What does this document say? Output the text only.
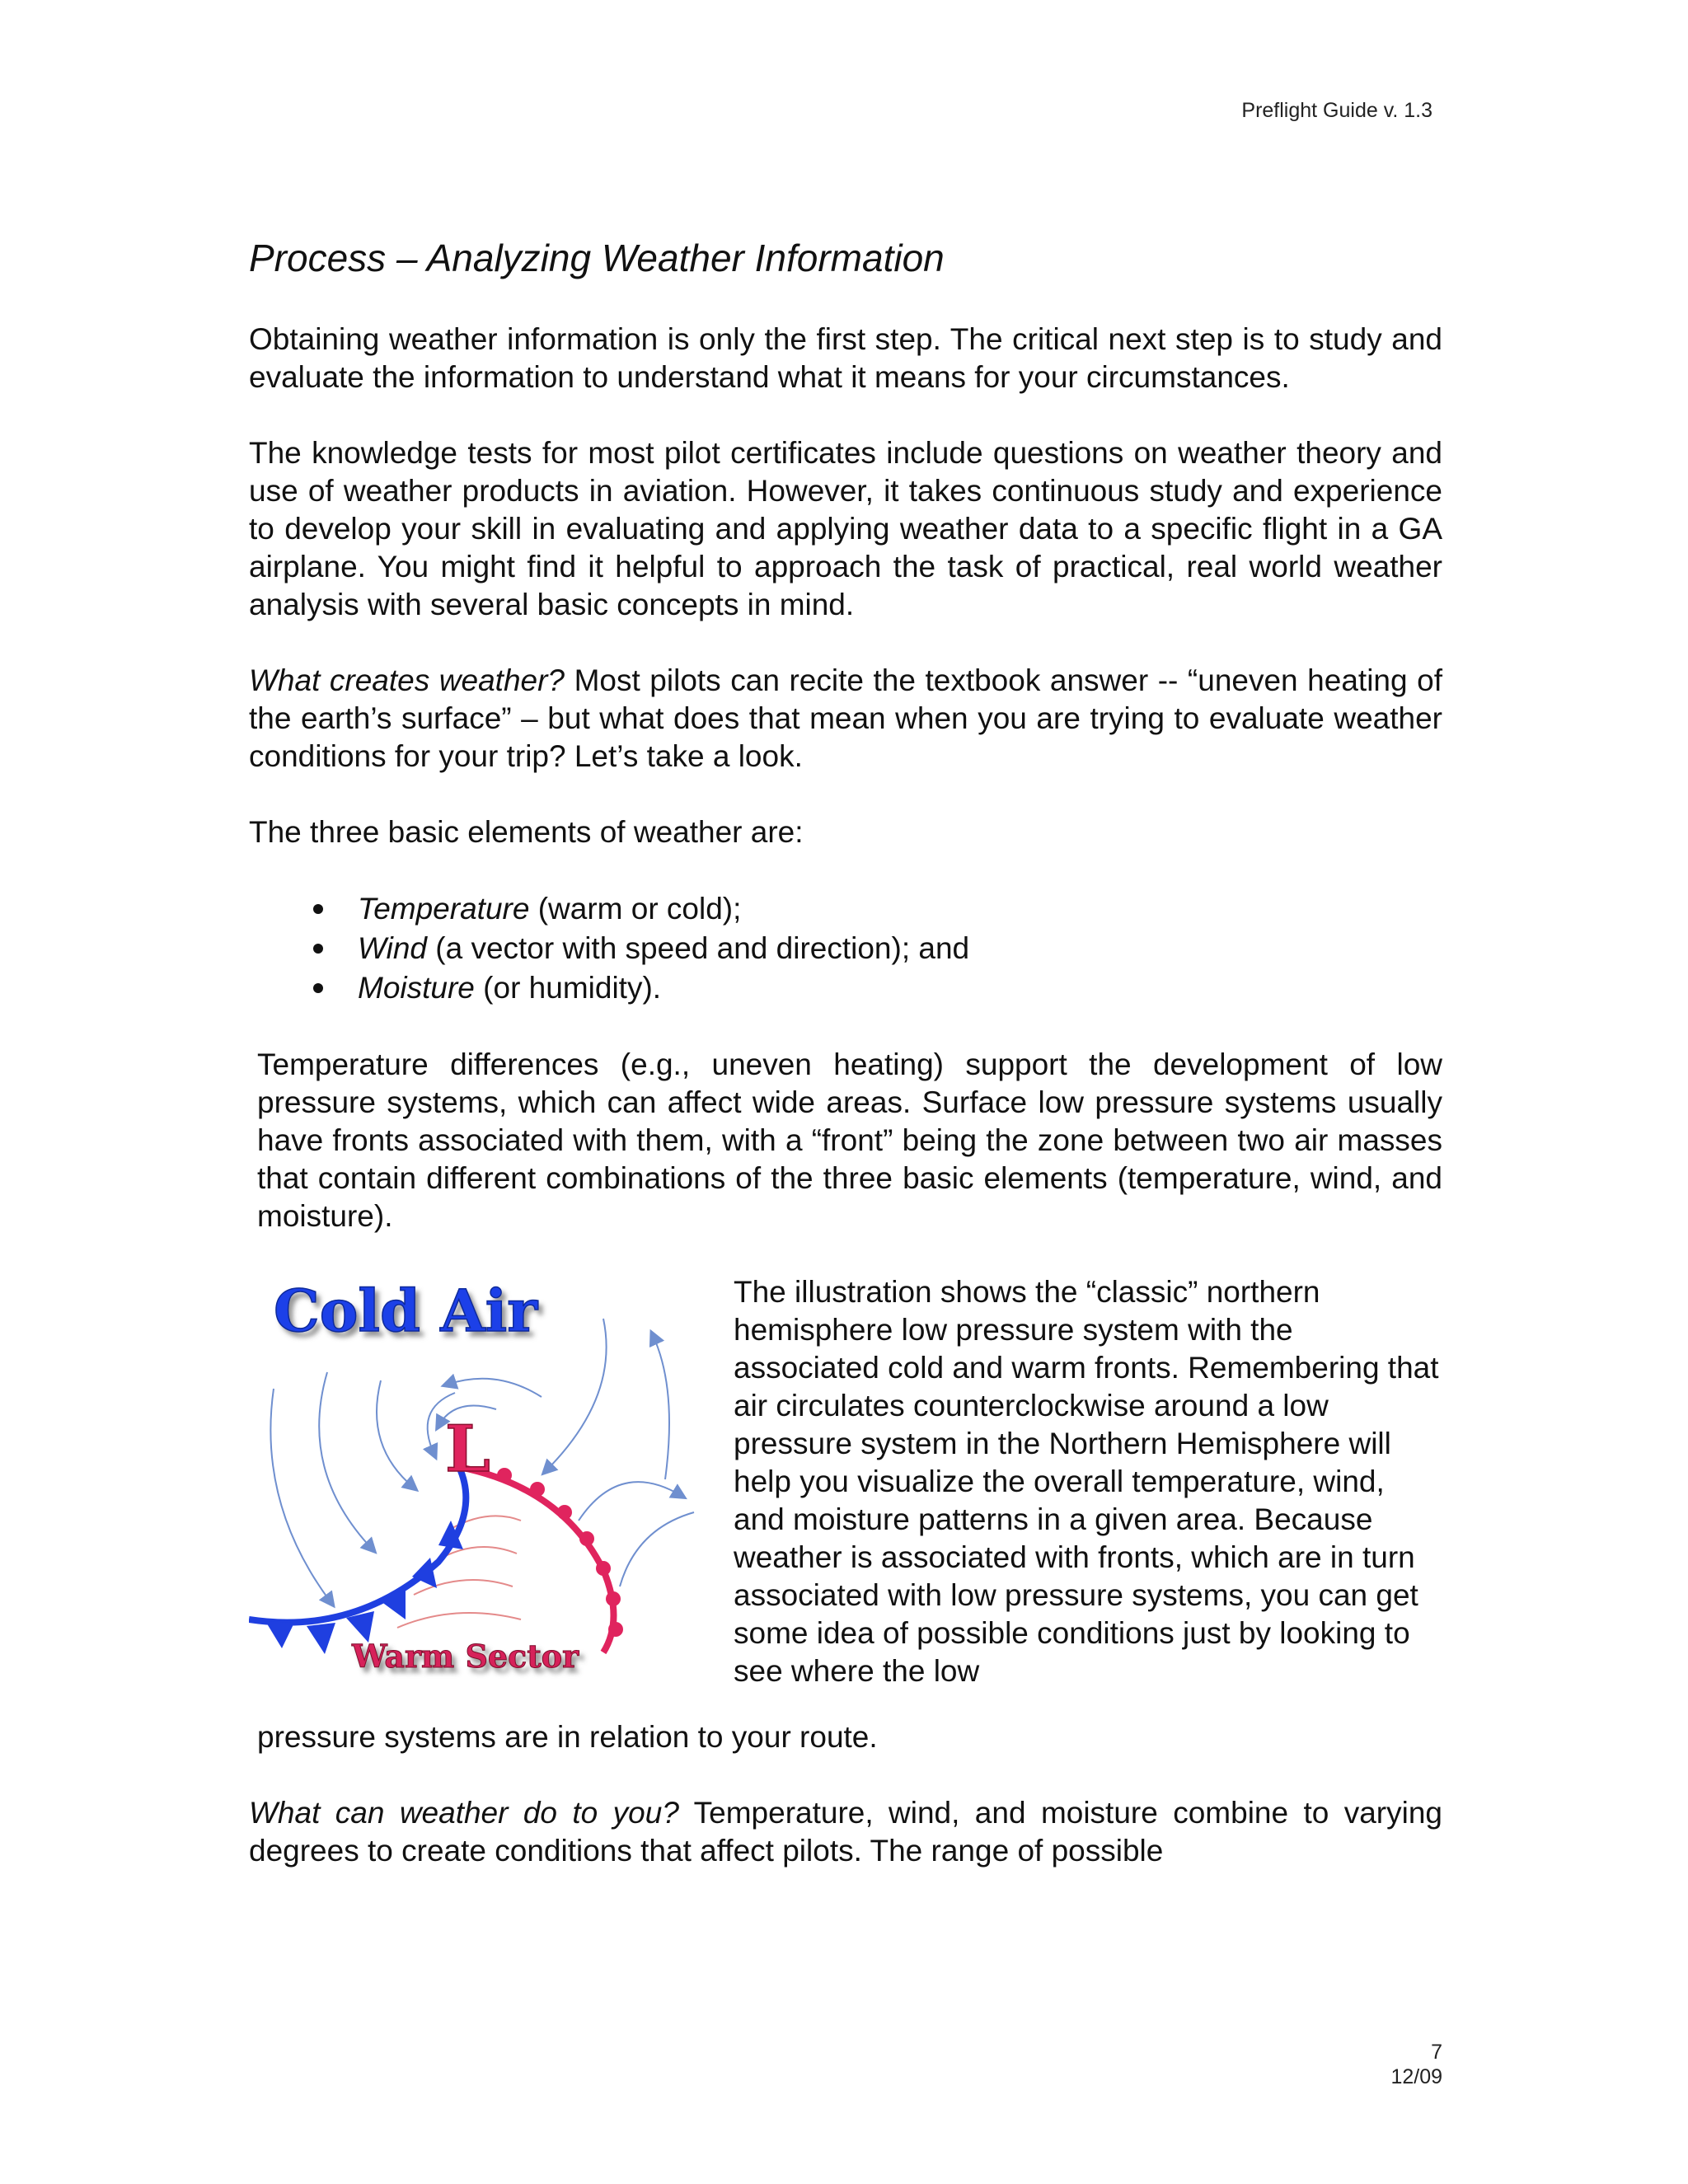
Preflight Guide v. 1.3
Process – Analyzing Weather Information

Obtaining weather information is only the first step. The critical next step is to study and evaluate the information to understand what it means for your circumstances.

The knowledge tests for most pilot certificates include questions on weather theory and use of weather products in aviation. However, it takes continuous study and experience to develop your skill in evaluating and applying weather data to a specific flight in a GA airplane. You might find it helpful to approach the task of practical, real world weather analysis with several basic concepts in mind.

What creates weather? Most pilots can recite the textbook answer -- “uneven heating of the earth’s surface” – but what does that mean when you are trying to evaluate weather conditions for your trip? Let’s take a look.

The three basic elements of weather are:

Temperature (warm or cold);
Wind (a vector with speed and direction); and
Moisture (or humidity).

Temperature differences (e.g., uneven heating) support the development of low pressure systems, which can affect wide areas. Surface low pressure systems usually have fronts associated with them, with a “front” being the zone between two air masses that contain different combinations of the three basic elements (temperature, wind, and moisture).

Cold Air
L
Warm Sector
The illustration shows the “classic” northern hemisphere low pressure system with the associated cold and warm fronts. Remembering that air circulates counterclockwise around a low pressure system in the Northern Hemisphere will help you visualize the overall temperature, wind, and moisture patterns in a given area. Because weather is associated with fronts, which are in turn associated with low pressure systems, you can get some idea of possible conditions just by looking to see where the low
pressure systems are in relation to your route.

What can weather do to you? Temperature, wind, and moisture combine to varying degrees to create conditions that affect pilots. The range of possible

7
12/09
